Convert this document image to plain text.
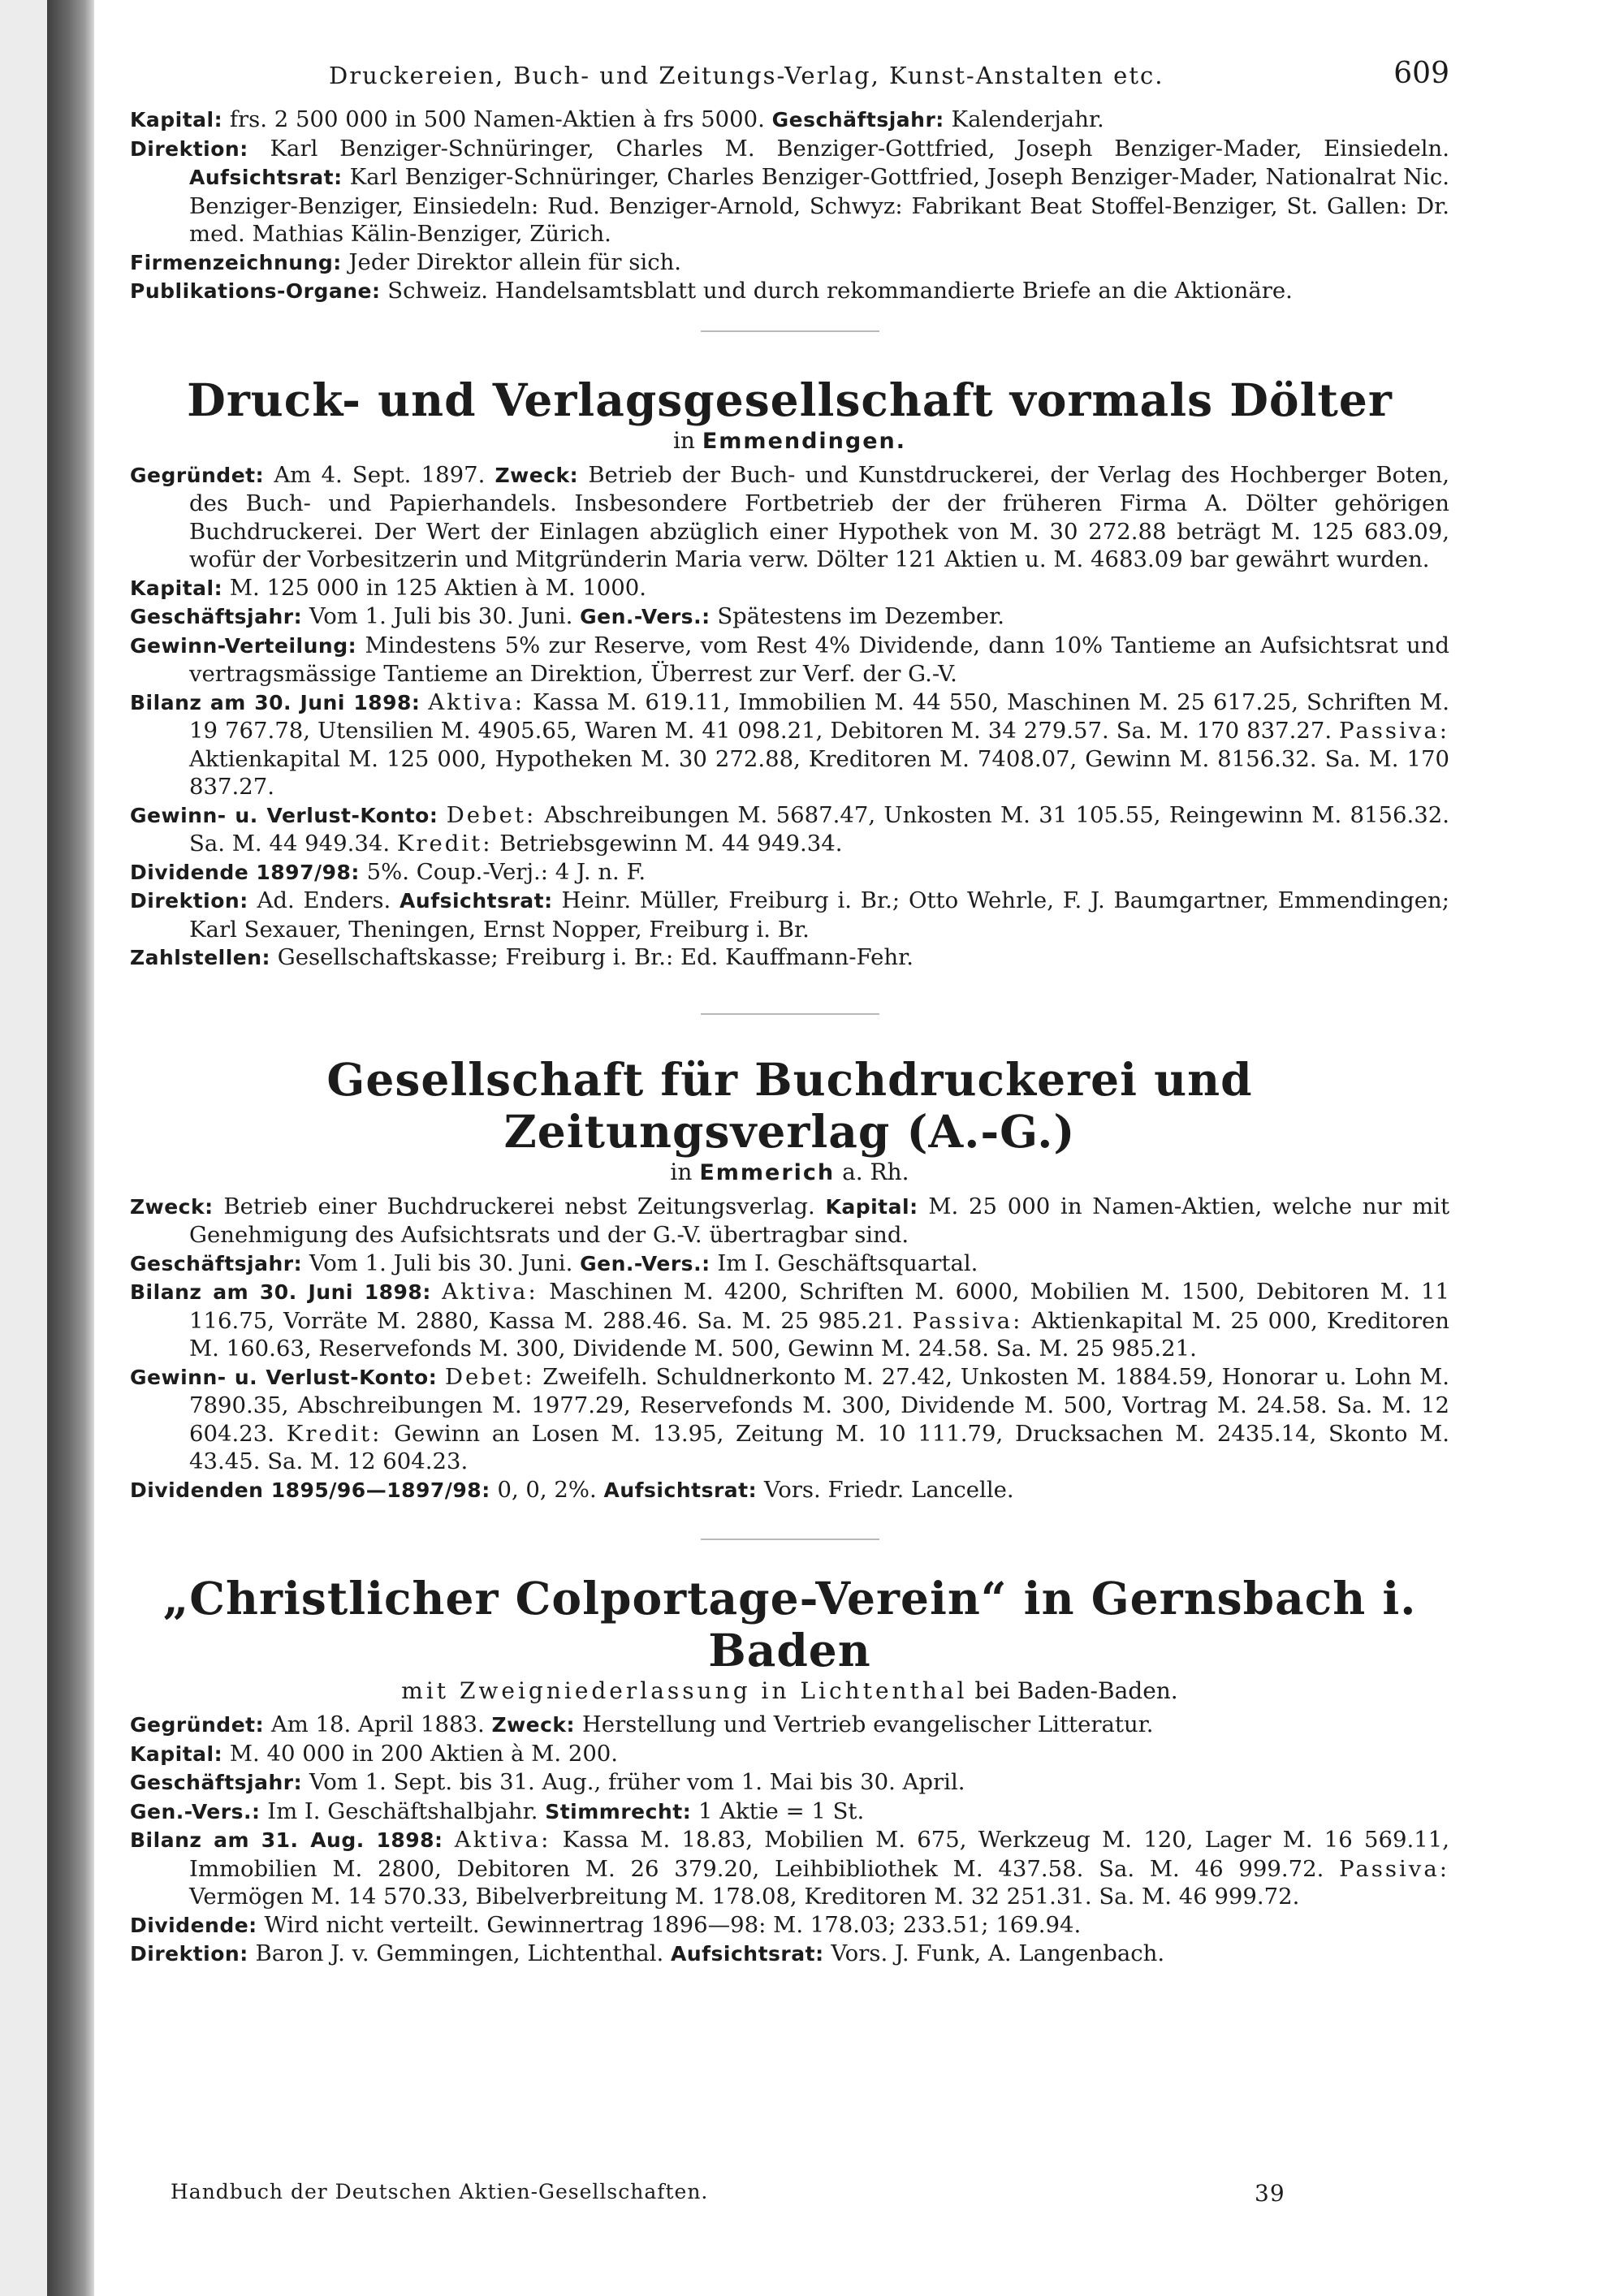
Druckereien, Buch- und Zeitungs-Verlag, Kunst-Anstalten etc.	609

Kapital: frs. 2 500 000 in 500 Namen-Aktien à frs 5000. Geschäftsjahr: Kalenderjahr.

Direktion: Karl Benziger-Schnüringer, Charles M. Benziger-Gottfried, Joseph Benziger-Mader, Einsiedeln. Aufsichtsrat: Karl Benziger-Schnüringer, Charles Benziger-Gottfried, Joseph Benziger-Mader, Nationalrat Nic. Benziger-Benziger, Einsiedeln: Rud. Benziger-Arnold, Schwyz: Fabrikant Beat Stoffel-Benziger, St. Gallen: Dr. med. Mathias Kälin-Benziger, Zürich.

Firmenzeichnung: Jeder Direktor allein für sich.

Publikations-Organe: Schweiz. Handelsamtsblatt und durch rekommandierte Briefe an die Aktionäre.

Druck- und Verlagsgesellschaft vormals Dölter
in Emmendingen.

Gegründet: Am 4. Sept. 1897. Zweck: Betrieb der Buch- und Kunstdruckerei, der Verlag des Hochberger Boten, des Buch- und Papierhandels. Insbesondere Fortbetrieb der der früheren Firma A. Dölter gehörigen Buchdruckerei. Der Wert der Einlagen abzüglich einer Hypothek von M. 30 272.88 beträgt M. 125 683.09, wofür der Vorbesitzerin und Mitgründerin Maria verw. Dölter 121 Aktien u. M. 4683.09 bar gewährt wurden.

Kapital: M. 125 000 in 125 Aktien à M. 1000.

Geschäftsjahr: Vom 1. Juli bis 30. Juni. Gen.-Vers.: Spätestens im Dezember.

Gewinn-Verteilung: Mindestens 5% zur Reserve, vom Rest 4% Dividende, dann 10% Tantieme an Aufsichtsrat und vertragsmässige Tantieme an Direktion, Überrest zur Verf. der G.-V.

Bilanz am 30. Juni 1898: Aktiva: Kassa M. 619.11, Immobilien M. 44 550, Maschinen M. 25 617.25, Schriften M. 19 767.78, Utensilien M. 4905.65, Waren M. 41 098.21, Debitoren M. 34 279.57. Sa. M. 170 837.27. Passiva: Aktienkapital M. 125 000, Hypotheken M. 30 272.88, Kreditoren M. 7408.07, Gewinn M. 8156.32. Sa. M. 170 837.27.

Gewinn- u. Verlust-Konto: Debet: Abschreibungen M. 5687.47, Unkosten M. 31 105.55, Reingewinn M. 8156.32. Sa. M. 44 949.34. Kredit: Betriebsgewinn M. 44 949.34.

Dividende 1897/98: 5%. Coup.-Verj.: 4 J. n. F.

Direktion: Ad. Enders. Aufsichtsrat: Heinr. Müller, Freiburg i. Br.; Otto Wehrle, F. J. Baumgartner, Emmendingen; Karl Sexauer, Theningen, Ernst Nopper, Freiburg i. Br.

Zahlstellen: Gesellschaftskasse; Freiburg i. Br.: Ed. Kauffmann-Fehr.

Gesellschaft für Buchdruckerei und Zeitungsverlag (A.-G.)
in Emmerich a. Rh.

Zweck: Betrieb einer Buchdruckerei nebst Zeitungsverlag. Kapital: M. 25 000 in Namen-Aktien, welche nur mit Genehmigung des Aufsichtsrats und der G.-V. übertragbar sind.

Geschäftsjahr: Vom 1. Juli bis 30. Juni. Gen.-Vers.: Im I. Geschäftsquartal.

Bilanz am 30. Juni 1898: Aktiva: Maschinen M. 4200, Schriften M. 6000, Mobilien M. 1500, Debitoren M. 11 116.75, Vorräte M. 2880, Kassa M. 288.46. Sa. M. 25 985.21. Passiva: Aktienkapital M. 25 000, Kreditoren M. 160.63, Reservefonds M. 300, Dividende M. 500, Gewinn M. 24.58. Sa. M. 25 985.21.

Gewinn- u. Verlust-Konto: Debet: Zweifelh. Schuldnerkonto M. 27.42, Unkosten M. 1884.59, Honorar u. Lohn M. 7890.35, Abschreibungen M. 1977.29, Reservefonds M. 300, Dividende M. 500, Vortrag M. 24.58. Sa. M. 12 604.23. Kredit: Gewinn an Losen M. 13.95, Zeitung M. 10 111.79, Drucksachen M. 2435.14, Skonto M. 43.45. Sa. M. 12 604.23.

Dividenden 1895/96—1897/98: 0, 0, 2%. Aufsichtsrat: Vors. Friedr. Lancelle.

„Christlicher Colportage-Verein“ in Gernsbach i. Baden
mit Zweigniederlassung in Lichtenthal bei Baden-Baden.

Gegründet: Am 18. April 1883. Zweck: Herstellung und Vertrieb evangelischer Litteratur.

Kapital: M. 40 000 in 200 Aktien à M. 200.

Geschäftsjahr: Vom 1. Sept. bis 31. Aug., früher vom 1. Mai bis 30. April.

Gen.-Vers.: Im I. Geschäftshalbjahr. Stimmrecht: 1 Aktie = 1 St.

Bilanz am 31. Aug. 1898: Aktiva: Kassa M. 18.83, Mobilien M. 675, Werkzeug M. 120, Lager M. 16 569.11, Immobilien M. 2800, Debitoren M. 26 379.20, Leihbibliothek M. 437.58. Sa. M. 46 999.72. Passiva: Vermögen M. 14 570.33, Bibelverbreitung M. 178.08, Kreditoren M. 32 251.31. Sa. M. 46 999.72.

Dividende: Wird nicht verteilt. Gewinnertrag 1896—98: M. 178.03; 233.51; 169.94.

Direktion: Baron J. v. Gemmingen, Lichtenthal. Aufsichtsrat: Vors. J. Funk, A. Langenbach.

Handbuch der Deutschen Aktien-Gesellschaften.	39
